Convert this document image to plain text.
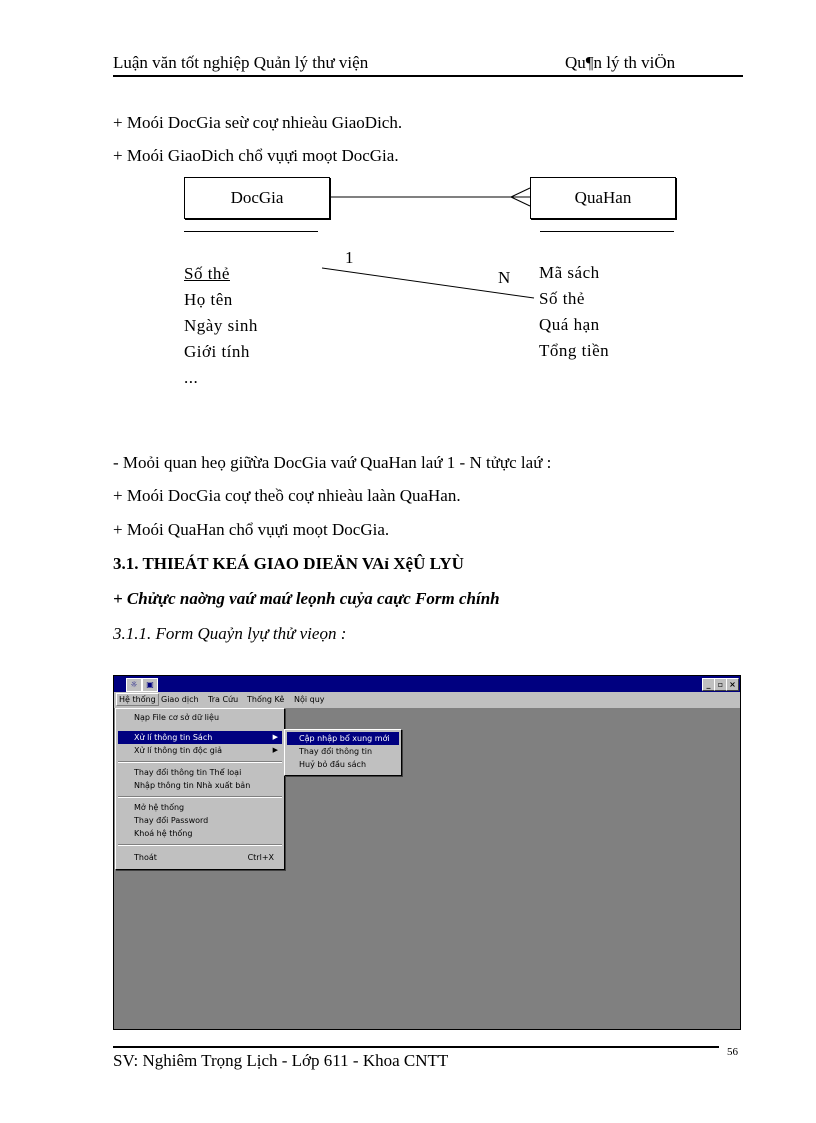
Luận văn tốt nghiệp Quản lý thư viện	Qu¶n lý th viÖn
+ Moói DocGia seừ coự nhieàu GiaoDich.
+ Moói GiaoDich chổ vụựi moọt DocGia.
DocGia	QuaHan
1
N
Số thẻ
Họ tên
Ngày sinh
Giới tính
...
Mã sách
Số thẻ
Quá hạn
Tổng tiền
- Moỏi quan heọ giữừa DocGia vaứ QuaHan laứ 1 - N tửực laứ :
+ Moói DocGia coự theồ coự nhieàu laàn QuaHan.
+ Moói QuaHan chổ vụựi moọt DocGia.
3.1. THIEÁT KEÁ GIAO DIEÄN VAỉ XệÛ LYÙ
+ Chửực naờng vaứ maứ leọnh cuỷa caực Form chính
3.1.1. Form Quaỷn lyự thử vieọn :
☼	▣	_ ▫ ×
Hệ thống Giao dịch Tra Cứu Thống Kê Nội quy
Nạp File cơ sở dữ liệu
Xử lí thông tin Sách	▶
Xử lí thông tin độc giả	▶
Thay đổi thông tin Thể loại
Nhập thông tin Nhà xuất bản
Mở hệ thống
Thay đổi Password
Khoá hệ thống
Thoát	Ctrl+X
Cập nhập bổ xung mới
Thay đổi thông tin
Huỷ bỏ đầu sách
SV: Nghiêm Trọng Lịch - Lớp 611 - Khoa CNTT	56
